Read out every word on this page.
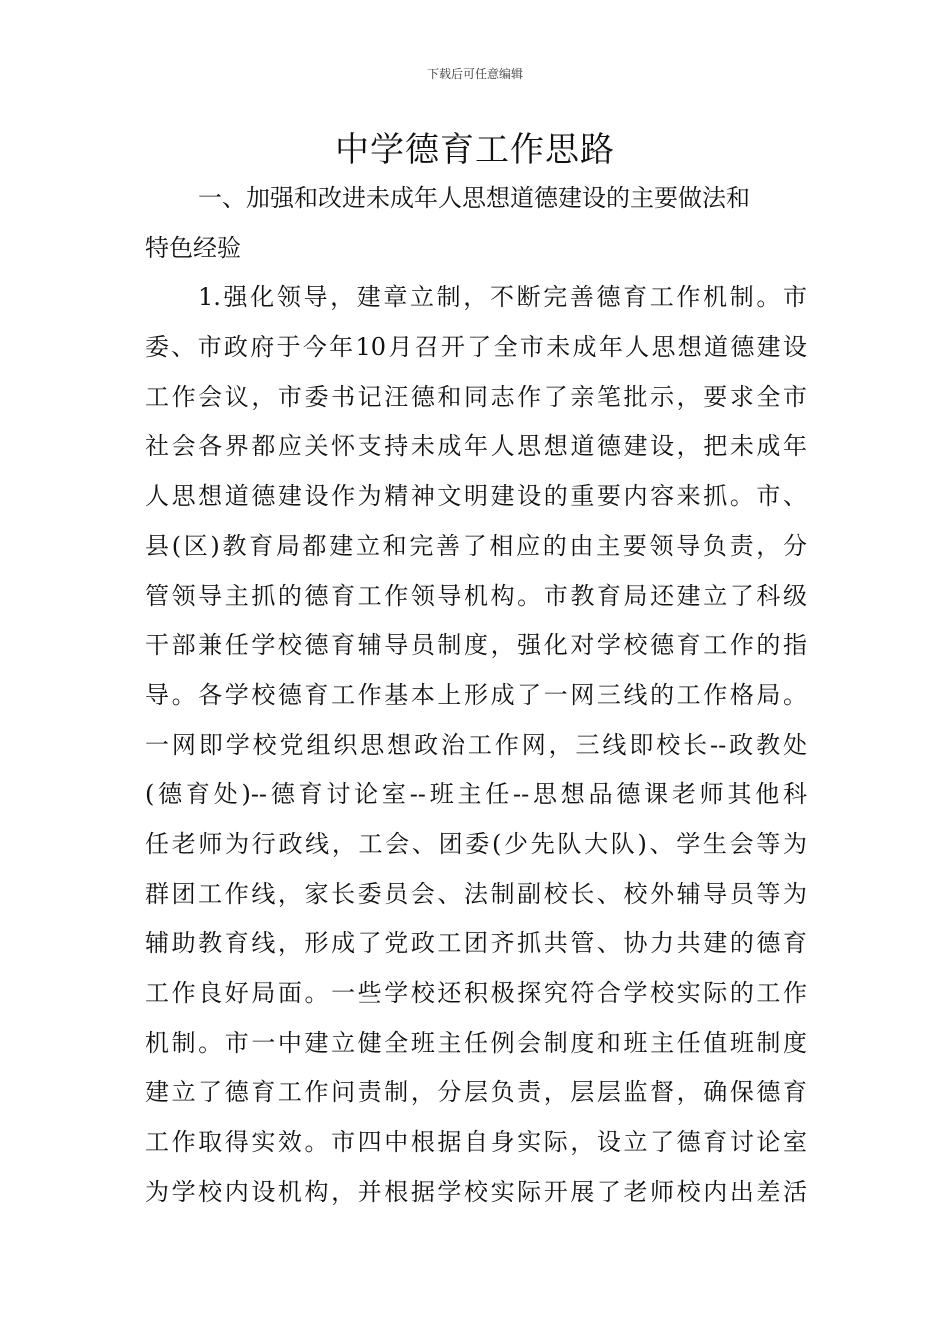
下载后可任意编辑
中学德育工作思路
一、加强和改进未成年人思想道德建设的主要做法和
特色经验
1.强化领导，建章立制，不断完善德育工作机制。市
委、市政府于今年10月召开了全市未成年人思想道德建设
工作会议，市委书记汪德和同志作了亲笔批示，要求全市
社会各界都应关怀支持未成年人思想道德建设，把未成年
人思想道德建设作为精神文明建设的重要内容来抓。市、
县(区)教育局都建立和完善了相应的由主要领导负责，分
管领导主抓的德育工作领导机构。市教育局还建立了科级
干部兼任学校德育辅导员制度，强化对学校德育工作的指
导。各学校德育工作基本上形成了一网三线的工作格局。
一网即学校党组织思想政治工作网，三线即校长--政教处
(德育处)--德育讨论室--班主任--思想品德课老师其他科
任老师为行政线，工会、团委(少先队大队)、学生会等为
群团工作线，家长委员会、法制副校长、校外辅导员等为
辅助教育线，形成了党政工团齐抓共管、协力共建的德育
工作良好局面。一些学校还积极探究符合学校实际的工作
机制。市一中建立健全班主任例会制度和班主任值班制度
建立了德育工作问责制，分层负责，层层监督，确保德育
工作取得实效。市四中根据自身实际，设立了德育讨论室
为学校内设机构，并根据学校实际开展了老师校内出差活
